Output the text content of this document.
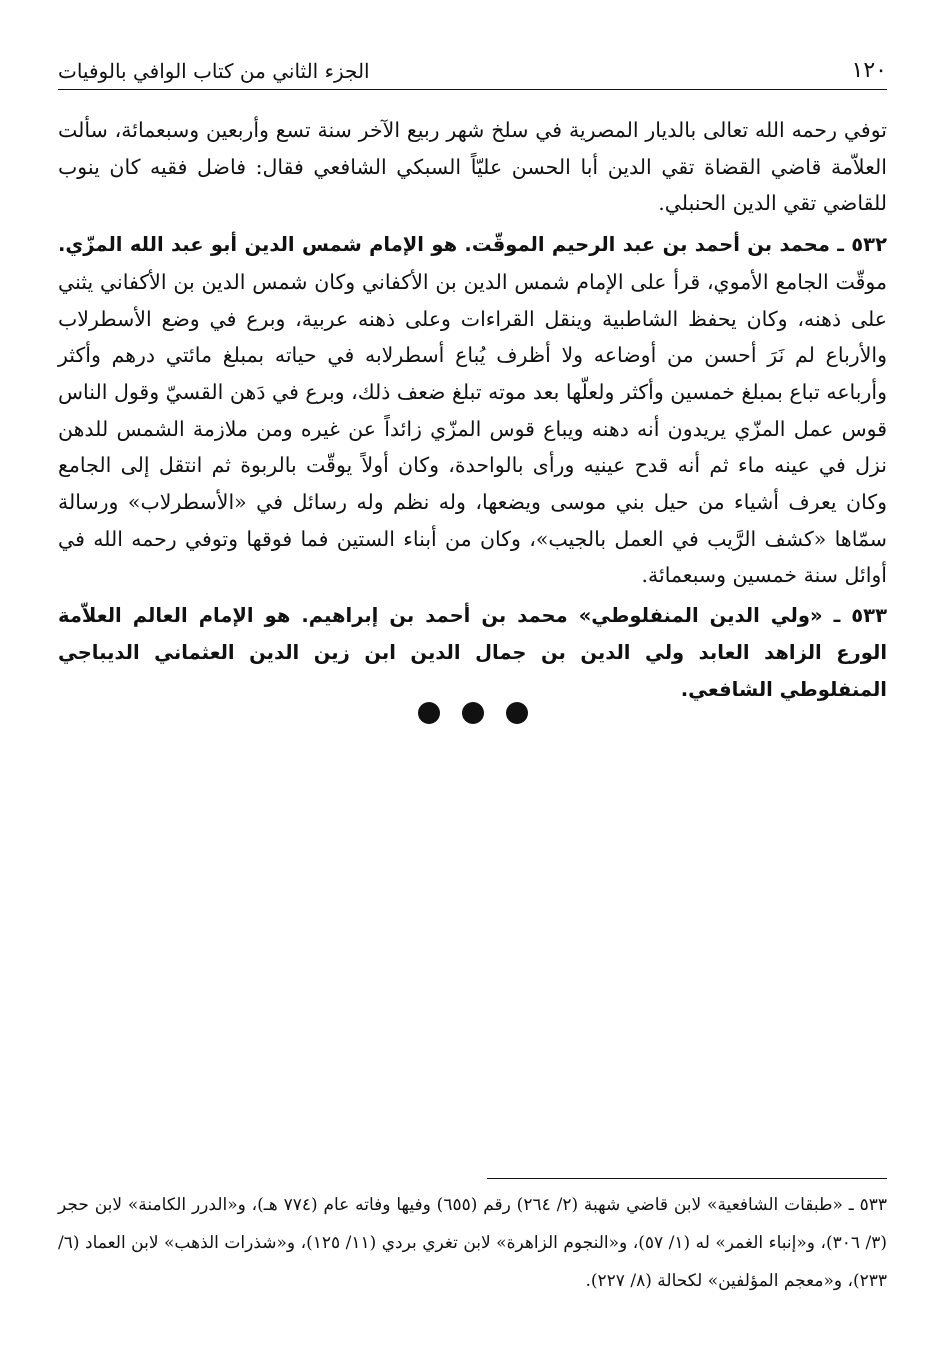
١٢٠
الجزء الثاني من كتاب الوافي بالوفيات

توفي رحمه الله تعالى بالديار المصرية في سلخ شهر ربيع الآخر سنة تسع وأربعين وسبعمائة، سألت العلاّمة قاضي القضاة تقي الدين أبا الحسن عليّاً السبكي الشافعي فقال: فاضل فقيه كان ينوب للقاضي تقي الدين الحنبلي.

٥٣٢ ـ محمد بن أحمد بن عبد الرحيم الموقّت. هو الإمام شمس الدين أبو عبد الله المزّي. موقّت الجامع الأموي، قرأ على الإمام شمس الدين بن الأكفاني وكان شمس الدين بن الأكفاني يثني على ذهنه، وكان يحفظ الشاطبية وينقل القراءات وعلى ذهنه عربية، وبرع في وضع الأسطرلاب والأرباع لم نَرَ أحسن من أوضاعه ولا أظرف يُباع أسطرلابه في حياته بمبلغ مائتي درهم وأكثر وأرباعه تباع بمبلغ خمسين وأكثر ولعلّها بعد موته تبلغ ضعف ذلك، وبرع في دَهن القسيّ وقول الناس قوس عمل المزّي يريدون أنه دهنه ويباع قوس المزّي زائداً عن غيره ومن ملازمة الشمس للدهن نزل في عينه ماء ثم أنه قدح عينيه ورأى بالواحدة، وكان أولاً يوقّت بالربوة ثم انتقل إلى الجامع وكان يعرف أشياء من حيل بني موسى ويضعها، وله نظم وله رسائل في «الأسطرلاب» ورسالة سمّاها «كشف الرَّيب في العمل بالجيب»، وكان من أبناء الستين فما فوقها وتوفي رحمه الله في أوائل سنة خمسين وسبعمائة.

٥٣٣ ـ «ولي الدين المنفلوطي» محمد بن أحمد بن إبراهيم. هو الإمام العالم العلاّمة الورع الزاهد العابد ولي الدين بن جمال الدين ابن زين الدين العثماني الديباجي المنفلوطي الشافعي.

٥٣٣ ـ «طبقات الشافعية» لابن قاضي شهبة (٢/ ٢٦٤) رقم (٦٥٥) وفيها وفاته عام (٧٧٤ هـ)، و«الدرر الكامنة» لابن حجر (٣/ ٣٠٦)، و«إنباء الغمر» له (١/ ٥٧)، و«النجوم الزاهرة» لابن تغري بردي (١١/ ١٢٥)، و«شذرات الذهب» لابن العماد (٦/ ٢٣٣)، و«معجم المؤلفين» لكحالة (٨/ ٢٢٧).
